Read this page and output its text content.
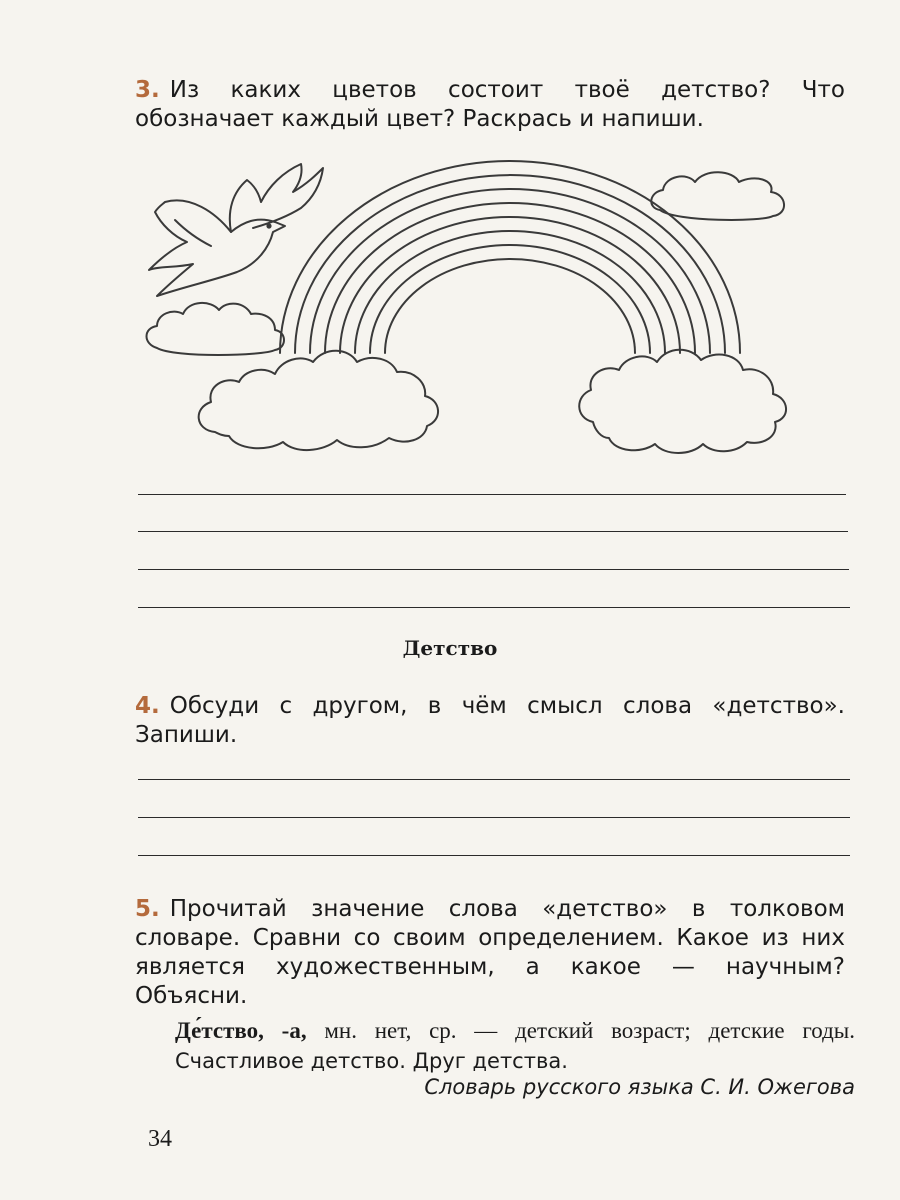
3. Из каких цветов состоит твоё детство? Что обозначает каждый цвет? Раскрась и напиши.
Детство
4. Обсуди с другом, в чём смысл слова «детство». Запиши.
5. Прочитай значение слова «детство» в толковом словаре. Сравни со своим определением. Какое из них является художественным, а какое — научным? Объясни.
Де́тство, -а, мн. нет, ср. — детский возраст; детские годы. Счастливое детство. Друг детства.
Словарь русского языка С. И. Ожегова
34
